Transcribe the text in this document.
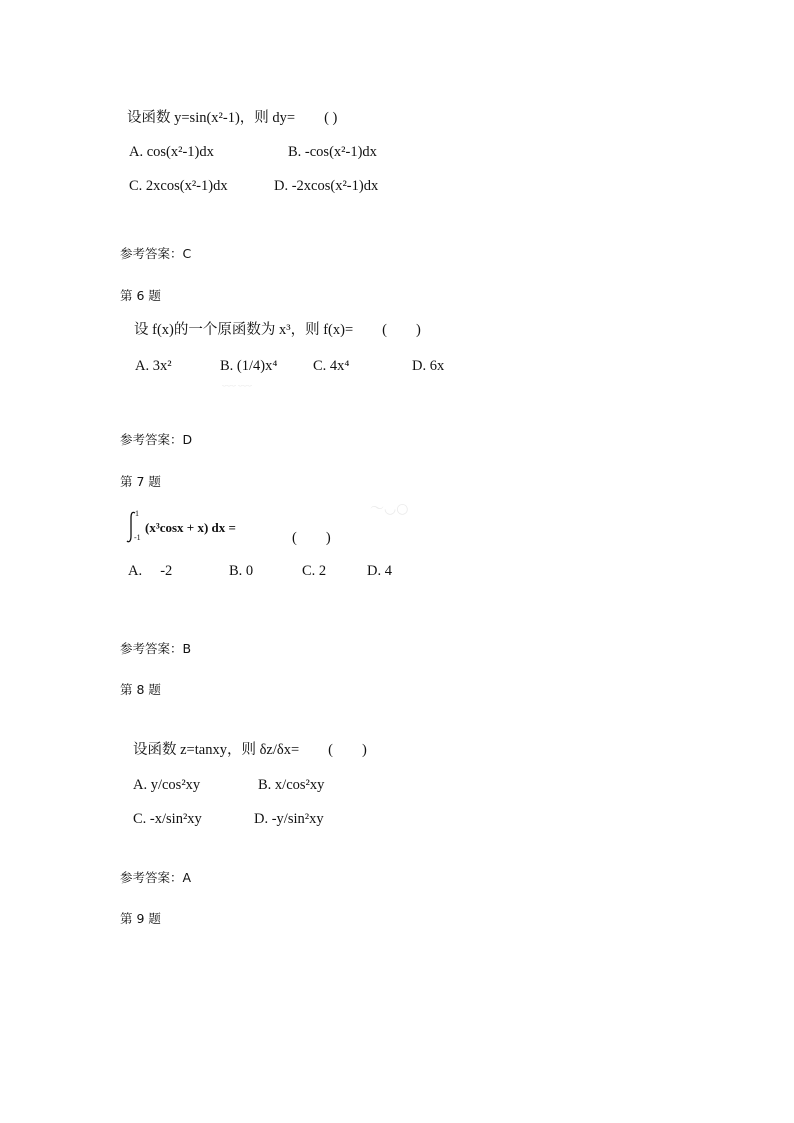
设函数 y=sin(x²-1)，则 dy=　　( )
A. cos(x²-1)dx	B. -cos(x²-1)dx
C. 2xcos(x²-1)dx	D. -2xcos(x²-1)dx
参考答案：C
第 6 题
设 f(x)的一个原函数为 x³，则 f(x)=　　(　　)
A. 3x²	B. (1/4)x⁴ C. 4x⁴	D. 6x
﹏﹏
参考答案：D
第 7 题
～◡○
1
-1
(x³cosx + x) dx =
(　　)
A.　 -2	B. 0	C. 2	D. 4
参考答案：B
第 8 题
设函数 z=tanxy，则 δz/δx=　　(　　)
A. y/cos²xy	B. x/cos²xy
C. -x/sin²xy	D. -y/sin²xy
参考答案：A
第 9 题
